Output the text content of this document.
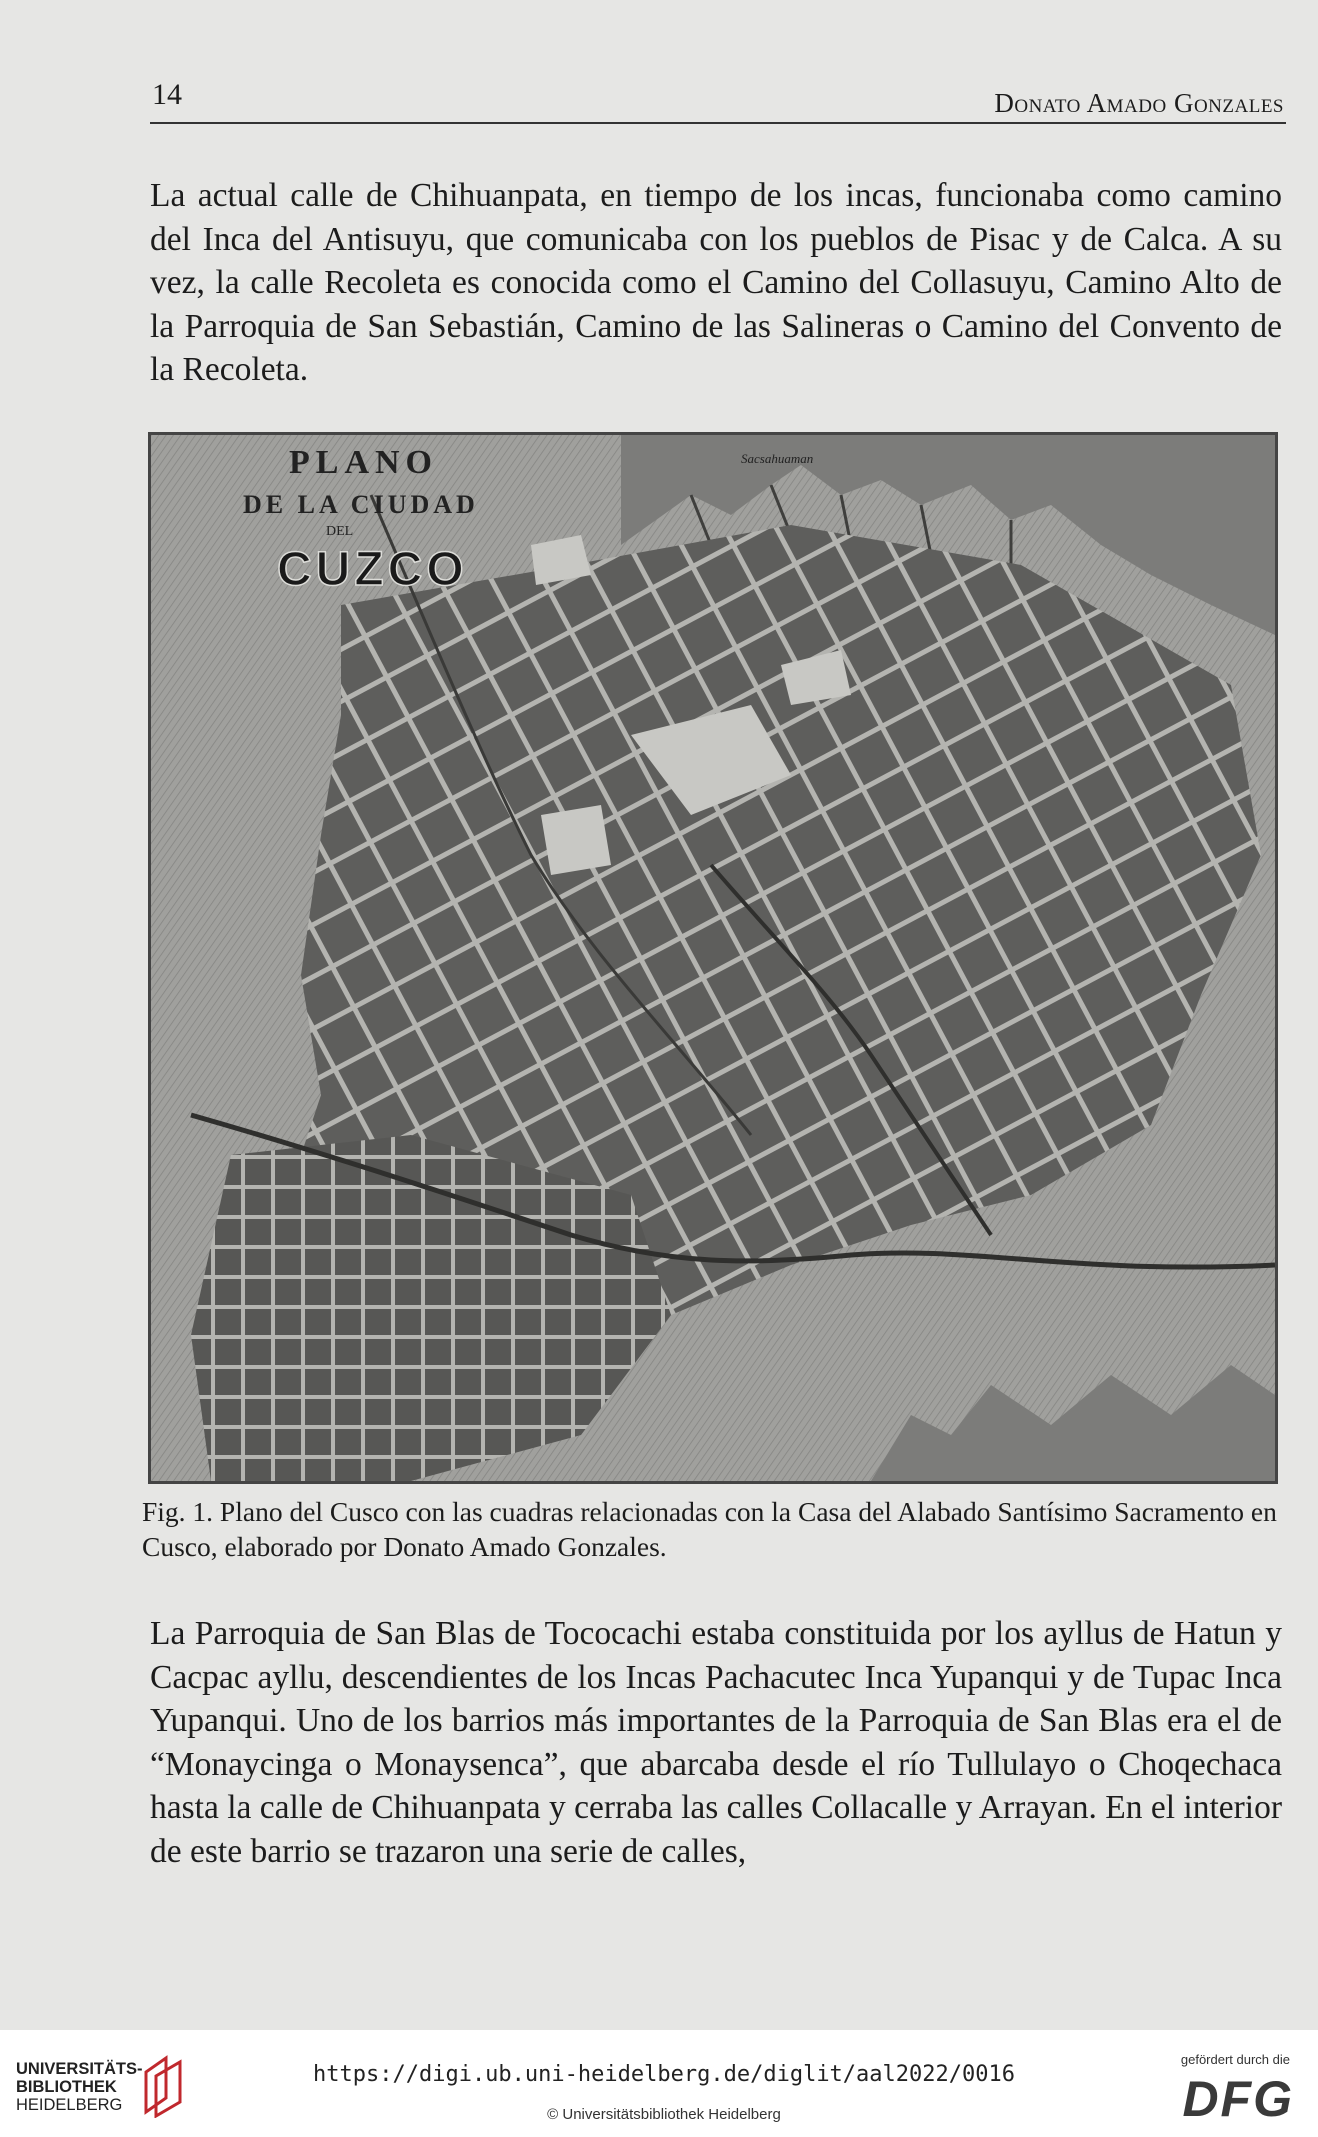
14	Donato Amado Gonzales

La actual calle de Chihuanpata, en tiempo de los incas, funcionaba como camino del Inca del Antisuyu, que comunicaba con los pueblos de Pisac y de Calca. A su vez, la calle Recoleta es conocida como el Camino del Collasuyu, Camino Alto de la Parroquia de San Sebastián, Camino de las Salineras o Camino del Convento de la Recoleta.

PLANO
DE LA CIUDAD
DEL
CUZCO
Sacsahuaman
Fig. 1. Plano del Cusco con las cuadras relacionadas con la Casa del Alabado Santísimo Sacramento en Cusco, elaborado por Donato Amado Gonzales.

La Parroquia de San Blas de Tococachi estaba constituida por los ayllus de Hatun y Cacpac ayllu, descendientes de los Incas Pachacutec Inca Yupanqui y de Tupac Inca Yupanqui. Uno de los barrios más importantes de la Parroquia de San Blas era el de “Monaycinga o Monaysenca”, que abarcaba desde el río Tullulayo o Choqechaca hasta la calle de Chihuanpata y cerraba las calles Collacalle y Arrayan. En el interior de este barrio se trazaron una serie de calles,

UNIVERSITÄTS-
BIBLIOTHEK
HEIDELBERG
https://digi.ub.uni-heidelberg.de/diglit/aal2022/0016
© Universitätsbibliothek Heidelberg
gefördert durch die
DFG
